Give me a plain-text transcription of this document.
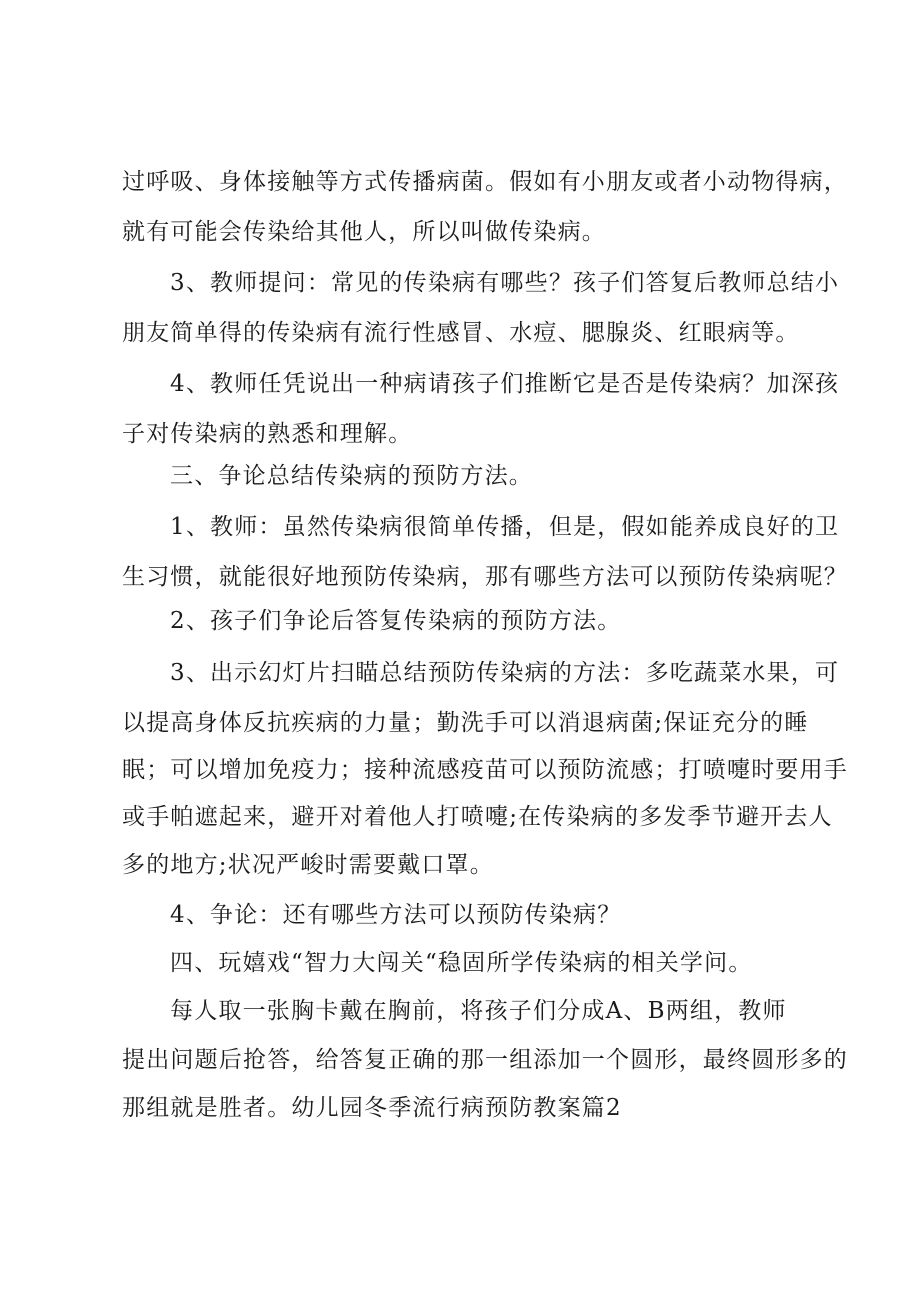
过呼吸、身体接触等方式传播病菌。假如有小朋友或者小动物得病，
就有可能会传染给其他人，所以叫做传染病。
3、教师提问：常见的传染病有哪些？孩子们答复后教师总结小
朋友简单得的传染病有流行性感冒、水痘、腮腺炎、红眼病等。
4、教师任凭说出一种病请孩子们推断它是否是传染病？加深孩
子对传染病的熟悉和理解。
三、争论总结传染病的预防方法。
1、教师：虽然传染病很简单传播，但是，假如能养成良好的卫
生习惯，就能很好地预防传染病，那有哪些方法可以预防传染病呢？
2、孩子们争论后答复传染病的预防方法。
3、出示幻灯片扫瞄总结预防传染病的方法：多吃蔬菜水果，可
以提高身体反抗疾病的力量；勤洗手可以消退病菌;保证充分的睡
眠；可以增加免疫力；接种流感疫苗可以预防流感；打喷嚏时要用手
或手帕遮起来，避开对着他人打喷嚏;在传染病的多发季节避开去人
多的地方;状况严峻时需要戴口罩。
4、争论：还有哪些方法可以预防传染病？
四、玩嬉戏“智力大闯关“稳固所学传染病的相关学问。
每人取一张胸卡戴在胸前，将孩子们分成A、B两组，教师
提出问题后抢答，给答复正确的那一组添加一个圆形，最终圆形多的
那组就是胜者。幼儿园冬季流行病预防教案篇2
